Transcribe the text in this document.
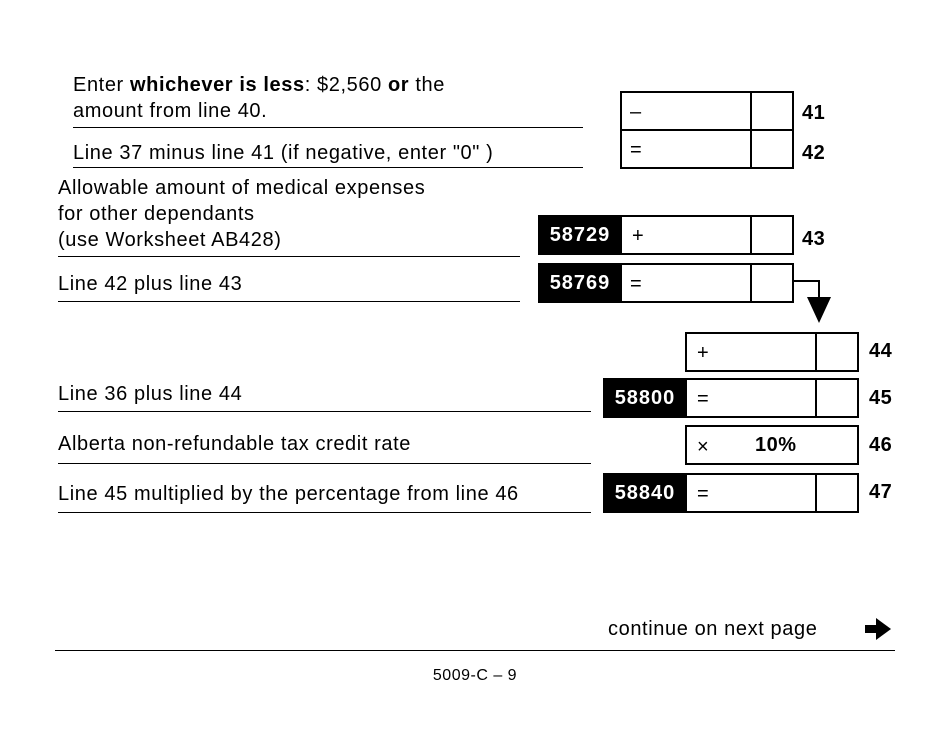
Enter whichever is less: $2,560 or the
amount from line 40.	–	41
Line 37 minus line 41 (if negative, enter "0" )	=	42
Allowable amount of medical expenses
for other dependants
(use Worksheet AB428)	58729	+	43
Line 42 plus line 43	58769 =
+	44
Line 36 plus line 44	58800	=	45
Alberta non-refundable tax credit rate	× 10%	46
Line 45 multiplied by the percentage from line 46	58840	=	47
continue on next page
5009-C – 9
